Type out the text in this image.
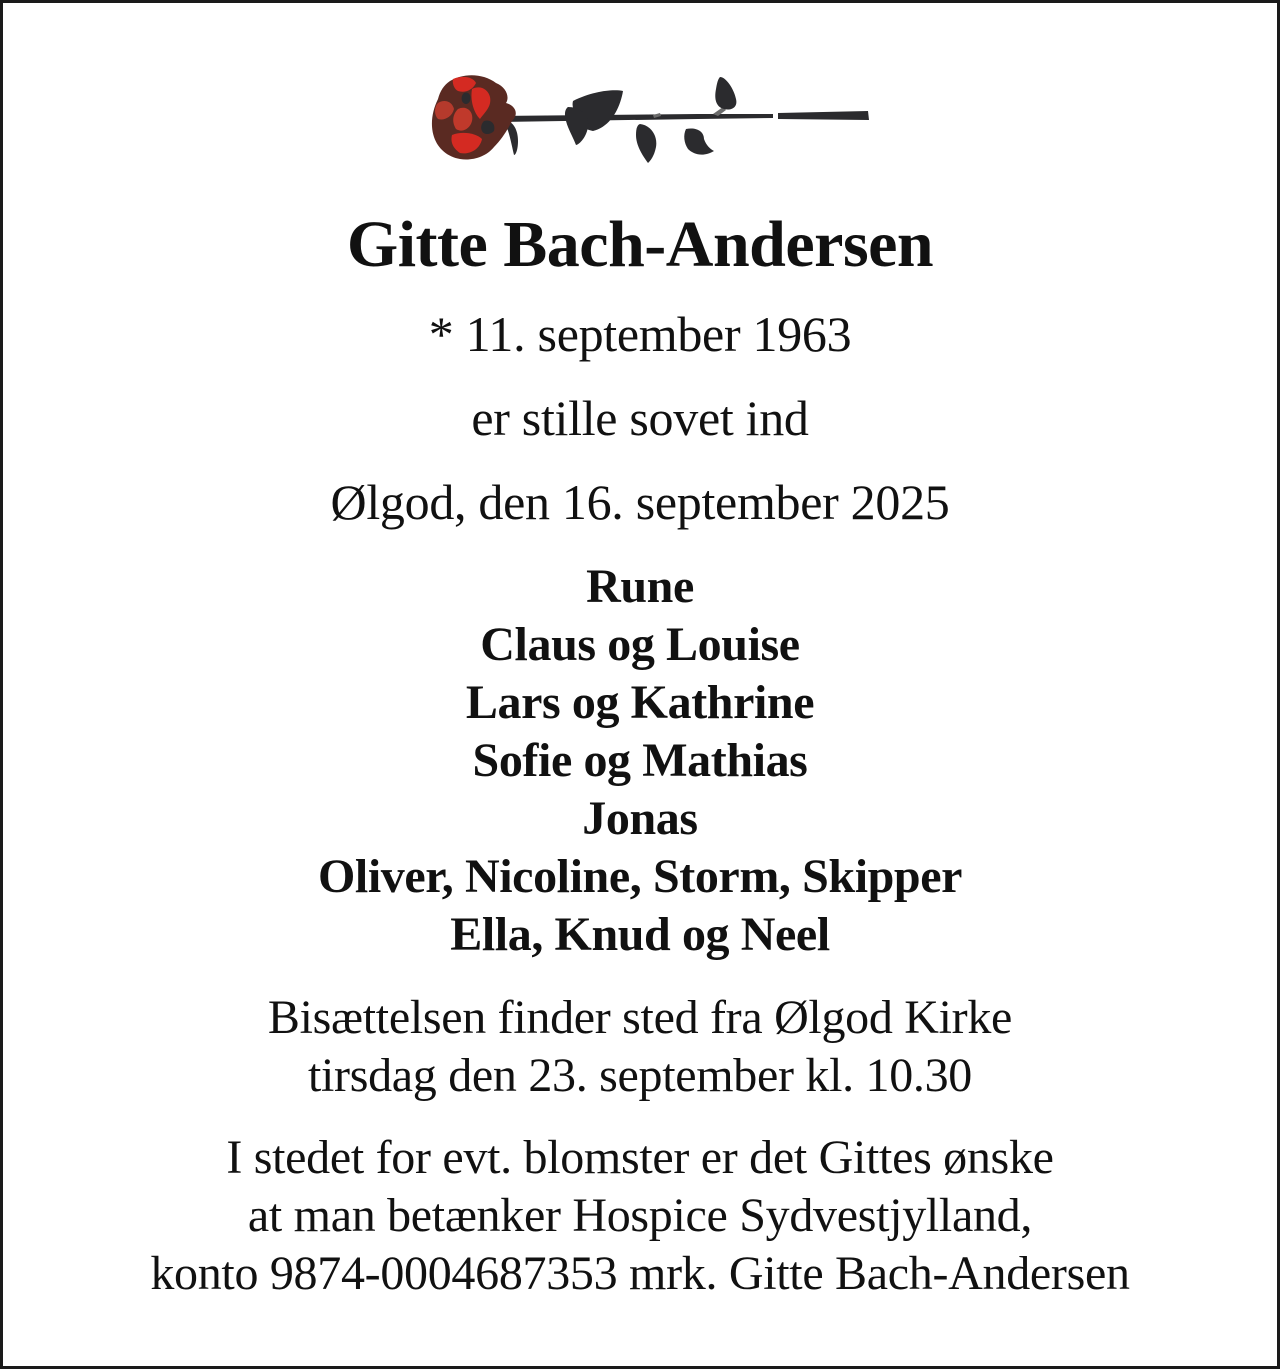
Gitte Bach-Andersen
* 11. september 1963
er stille sovet ind
Ølgod, den 16. september 2025
Rune
Claus og Louise
Lars og Kathrine
Sofie og Mathias
Jonas
Oliver, Nicoline, Storm, Skipper
Ella, Knud og Neel
Bisættelsen finder sted fra Ølgod Kirke
tirsdag den 23. september kl. 10.30
I stedet for evt. blomster er det Gittes ønske
at man betænker Hospice Sydvestjylland,
konto 9874-0004687353 mrk. Gitte Bach-Andersen
